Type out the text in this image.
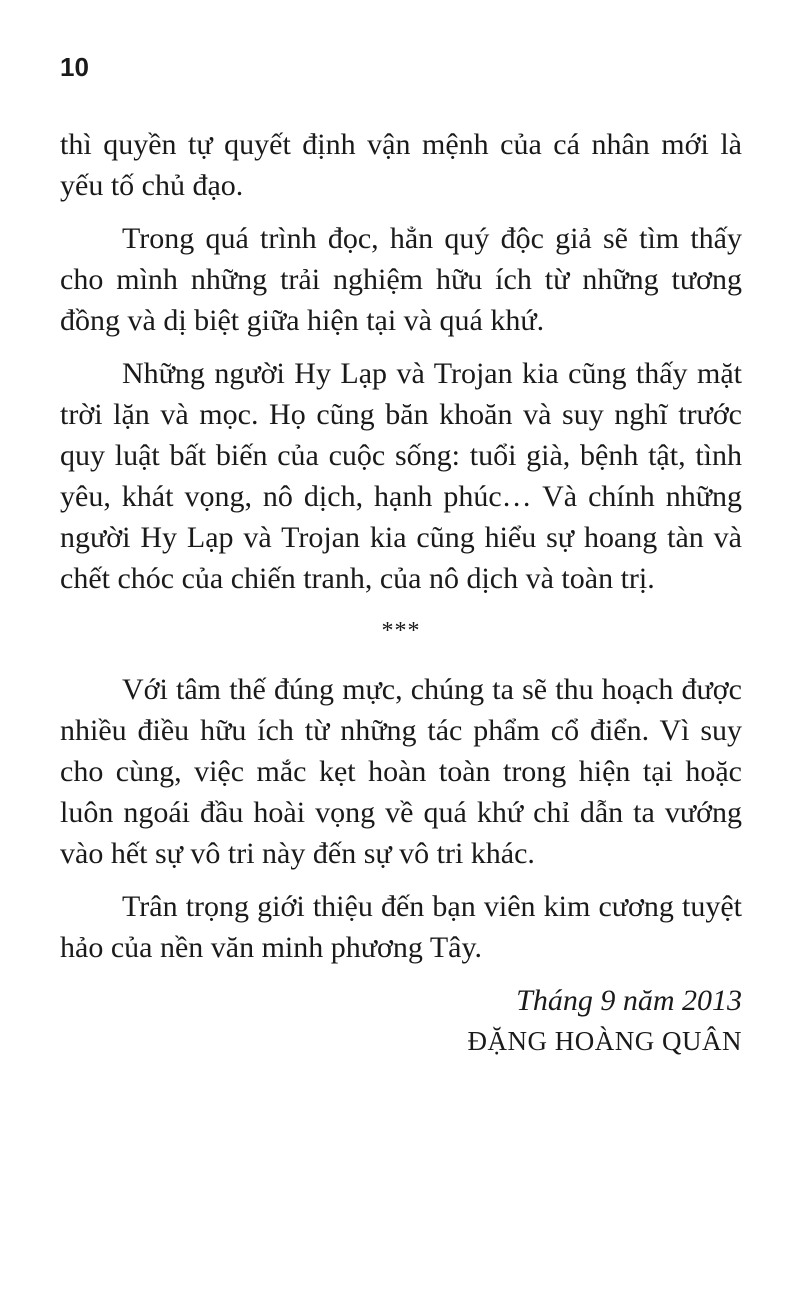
10

thì quyền tự quyết định vận mệnh của cá nhân mới là yếu tố chủ đạo.

Trong quá trình đọc, hẳn quý độc giả sẽ tìm thấy cho mình những trải nghiệm hữu ích từ những tương đồng và dị biệt giữa hiện tại và quá khứ.

Những người Hy Lạp và Trojan kia cũng thấy mặt trời lặn và mọc. Họ cũng băn khoăn và suy nghĩ trước quy luật bất biến của cuộc sống: tuổi già, bệnh tật, tình yêu, khát vọng, nô dịch, hạnh phúc… Và chính những người Hy Lạp và Trojan kia cũng hiểu sự hoang tàn và chết chóc của chiến tranh, của nô dịch và toàn trị.

***

Với tâm thế đúng mực, chúng ta sẽ thu hoạch được nhiều điều hữu ích từ những tác phẩm cổ điển. Vì suy cho cùng, việc mắc kẹt hoàn toàn trong hiện tại hoặc luôn ngoái đầu hoài vọng về quá khứ chỉ dẫn ta vướng vào hết sự vô tri này đến sự vô tri khác.

Trân trọng giới thiệu đến bạn viên kim cương tuyệt hảo của nền văn minh phương Tây.

Tháng 9 năm 2013
ĐẶNG HOÀNG QUÂN
